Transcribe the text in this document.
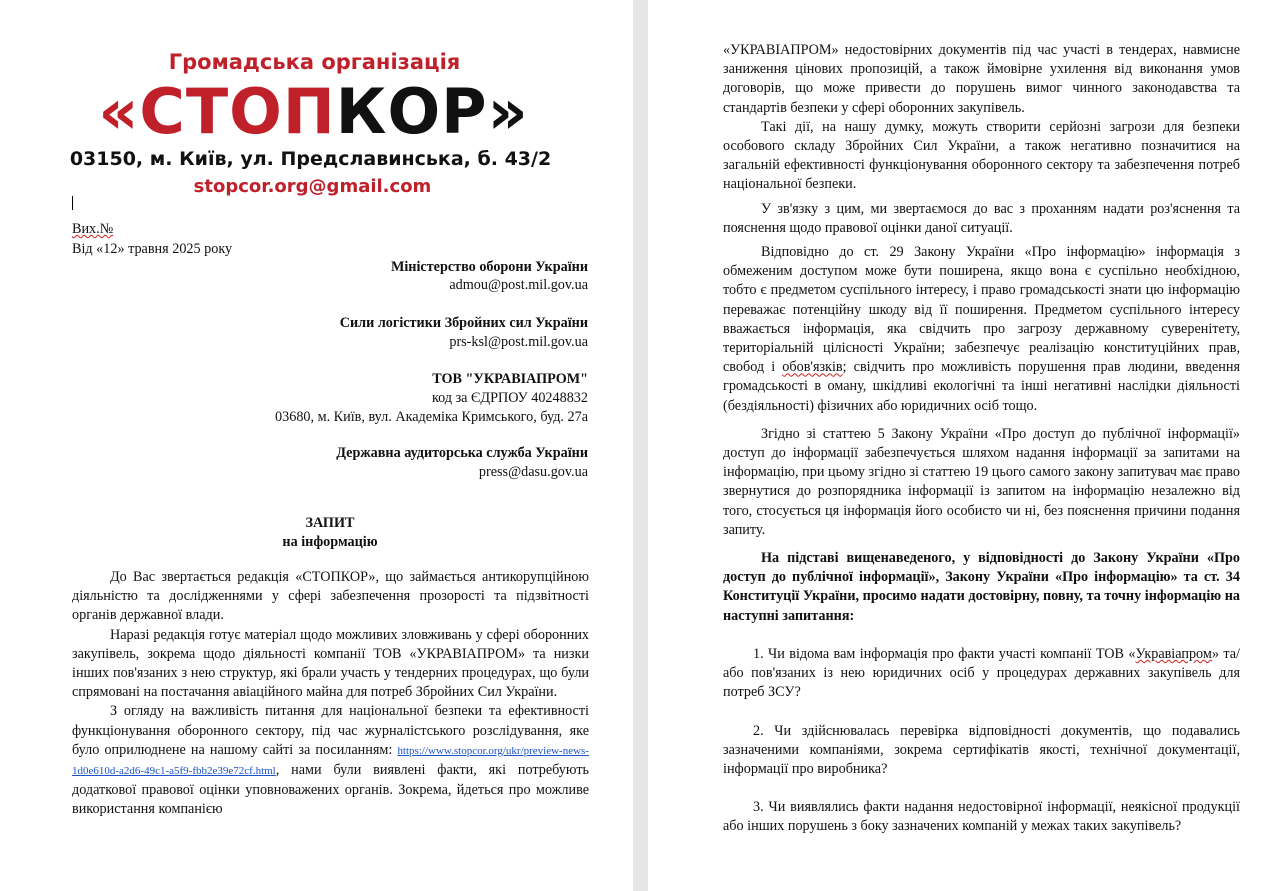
Громадська організація
«СТОПКОР»
03150, м. Київ, ул. Предславинська, б. 43/2
stopcor.org@gmail.com
Вих.№
Від «12» травня 2025 року
Міністерство оборони України
admou@post.mil.gov.ua
Сили логістики Збройних сил України
prs-ksl@post.mil.gov.ua
ТОВ "УКРАВІАПРОМ"
код за ЄДРПОУ 40248832
03680, м. Київ, вул. Академіка Кримського, буд. 27а
Державна аудиторська служба України
press@dasu.gov.ua
ЗАПИТ
на інформацію

До Вас звертається редакція «СТОПКОР», що займається антикорупційною діяльністю та дослідженнями у сфері забезпечення прозорості та підзвітності органів державної влади.

Наразі редакція готує матеріал щодо можливих зловживань у сфері оборонних закупівель, зокрема щодо діяльності компанії ТОВ «УКРАВІАПРОМ» та низки інших пов'язаних з нею структур, які брали участь у тендерних процедурах, що були спрямовані на постачання авіаційного майна для потреб Збройних Сил України.

З огляду на важливість питання для національної безпеки та ефективності функціонування оборонного сектору, під час журналістського розслідування, яке було оприлюднене на нашому сайті за посиланням: https://www.stopcor.org/ukr/preview-news-1d0e610d-a2d6-49c1-a5f9-fbb2e39e72cf.html, нами були виявлені факти, які потребують додаткової правової оцінки уповноважених органів. Зокрема, йдеться про можливе використання компанією

«УКРАВІАПРОМ» недостовірних документів під час участі в тендерах, навмисне заниження цінових пропозицій, а також ймовірне ухилення від виконання умов договорів, що може привести до порушень вимог чинного законодавства та стандартів безпеки у сфері оборонних закупівель.

Такі дії, на нашу думку, можуть створити серйозні загрози для безпеки особового складу Збройних Сил України, а також негативно позначитися на загальній ефективності функціонування оборонного сектору та забезпечення потреб національної безпеки.

У зв'язку з цим, ми звертаємося до вас з проханням надати роз'яснення та пояснення щодо правової оцінки даної ситуації.

Відповідно до ст. 29 Закону України «Про інформацію» інформація з обмеженим доступом може бути поширена, якщо вона є суспільно необхідною, тобто є предметом суспільного інтересу, і право громадськості знати цю інформацію переважає потенційну шкоду від її поширення. Предметом суспільного інтересу вважається інформація, яка свідчить про загрозу державному суверенітету, територіальній цілісності України; забезпечує реалізацію конституційних прав, свобод і обов'язків; свідчить про можливість порушення прав людини, введення громадськості в оману, шкідливі екологічні та інші негативні наслідки діяльності (бездіяльності) фізичних або юридичних осіб тощо.

Згідно зі статтею 5 Закону України «Про доступ до публічної інформації» доступ до інформації забезпечується шляхом надання інформації за запитами на інформацію, при цьому згідно зі статтею 19 цього самого закону запитувач має право звернутися до розпорядника інформації із запитом на інформацію незалежно від того, стосується ця інформація його особисто чи ні, без пояснення причини подання запиту.

На підставі вищенаведеного, у відповідності до Закону України «Про доступ до публічної інформації», Закону України «Про інформацію» та ст. 34 Конституції України, просимо надати достовірну, повну, та точну інформацію на наступні запитання:

1. Чи відома вам інформація про факти участі компанії ТОВ «Укравіапром» та/або пов'язаних із нею юридичних осіб у процедурах державних закупівель для потреб ЗСУ?

2. Чи здійснювалась перевірка відповідності документів, що подавались зазначеними компаніями, зокрема сертифікатів якості, технічної документації, інформації про виробника?

3. Чи виявлялись факти надання недостовірної інформації, неякісної продукції або інших порушень з боку зазначених компаній у межах таких закупівель?
